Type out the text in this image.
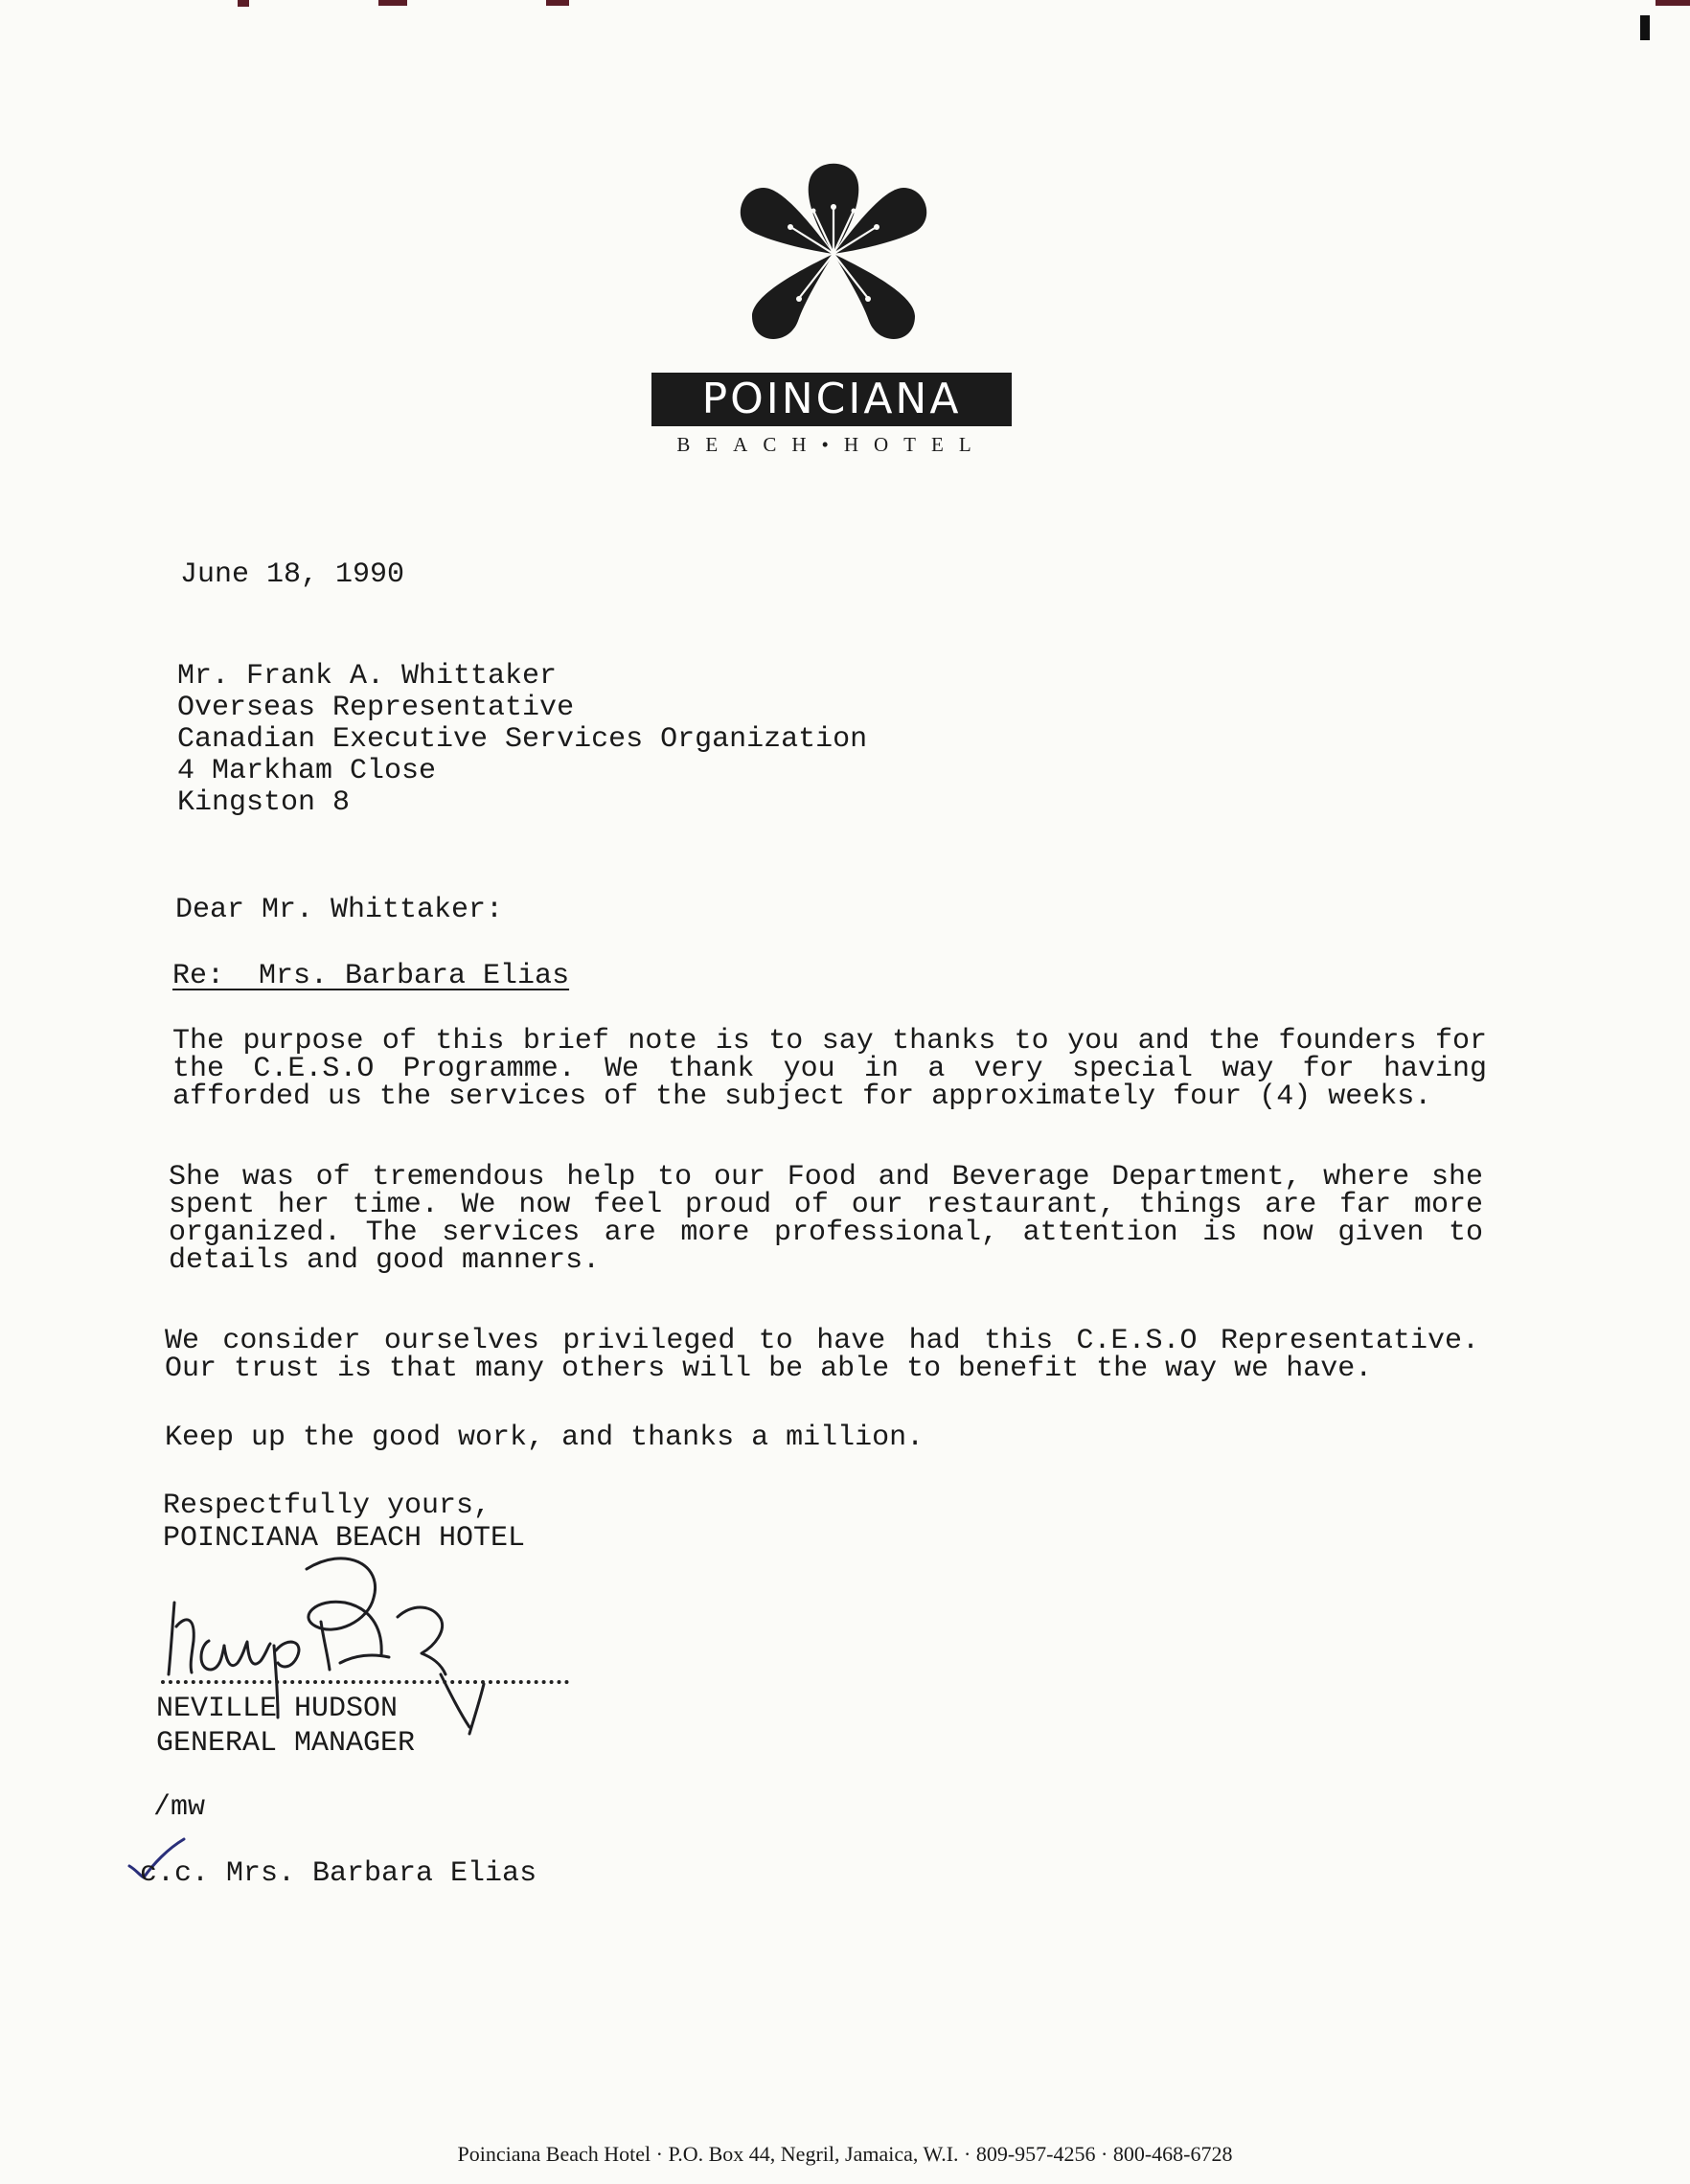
POINCIANA
BEACH•HOTEL
June 18, 1990
Mr. Frank A. Whittaker
Overseas Representative
Canadian Executive Services Organization
4 Markham Close
Kingston 8
Dear Mr. Whittaker:
Re:  Mrs. Barbara Elias
The purpose of this brief note is to say thanks to you and the founders for the C.E.S.O Programme. We thank you in a very special way for having afforded us the services of the subject for approximately four (4) weeks.
She was of tremendous help to our Food and Beverage Department, where she spent her time. We now feel proud of our restaurant, things are far more organized. The services are more professional, attention is now given to details and good manners.
We consider ourselves privileged to have had this C.E.S.O Representative. Our trust is that many others will be able to benefit the way we have.
Keep up the good work, and thanks a million.
Respectfully yours,
POINCIANA BEACH HOTEL
NEVILLE HUDSON
GENERAL MANAGER
/mw
c.c. Mrs. Barbara Elias
Poinciana Beach Hotel · P.O. Box 44, Negril, Jamaica, W.I. · 809-957-4256 · 800-468-6728
